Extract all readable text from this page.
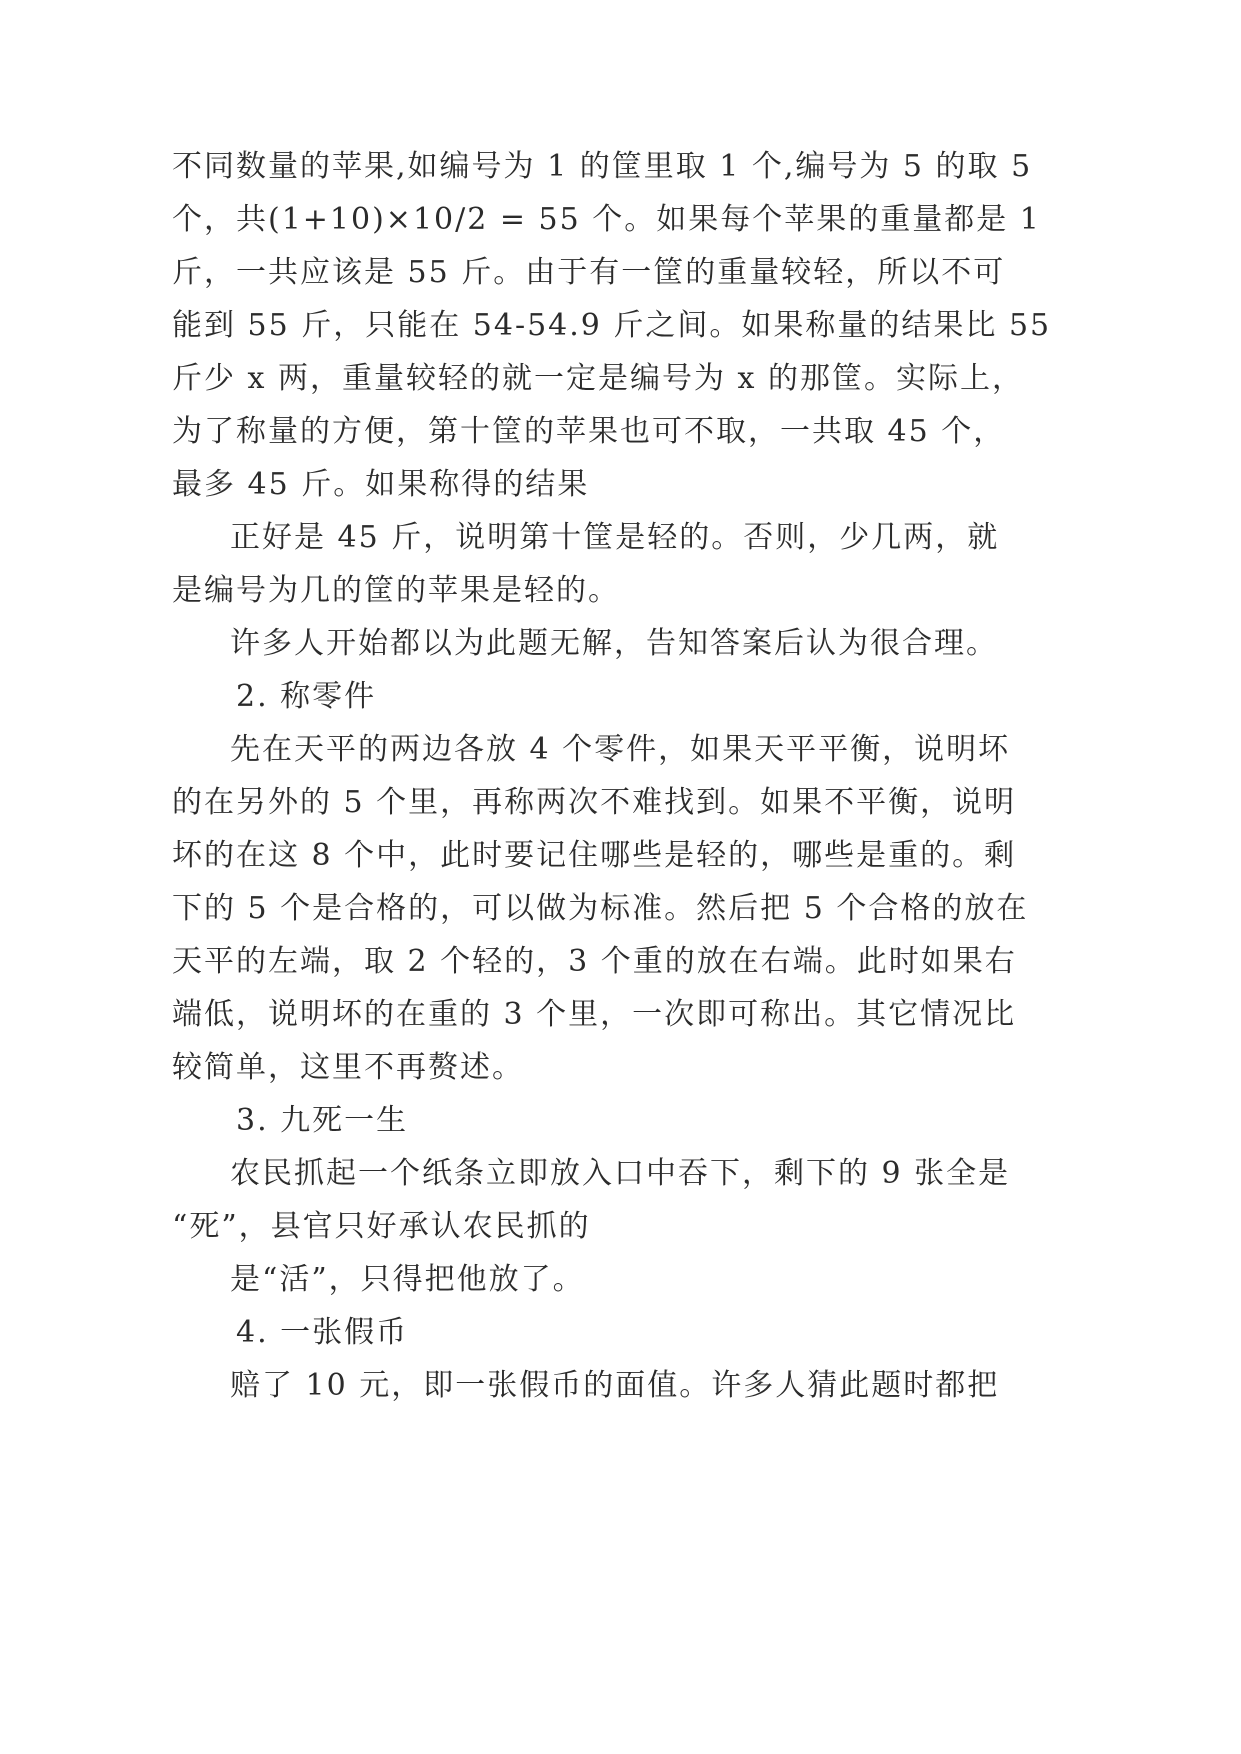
不同数量的苹果,如编号为 1 的筐里取 1 个,编号为 5 的取 5

个，共(1+10)×10/2 = 55 个。如果每个苹果的重量都是 1

斤，一共应该是 55 斤。由于有一筐的重量较轻，所以不可

能到 55 斤，只能在 54-54.9 斤之间。如果称量的结果比 55

斤少 x 两，重量较轻的就一定是编号为 x 的那筐。实际上，

为了称量的方便，第十筐的苹果也可不取，一共取 45 个，

最多 45 斤。如果称得的结果

正好是 45 斤，说明第十筐是轻的。否则，少几两，就

是编号为几的筐的苹果是轻的。

许多人开始都以为此题无解，告知答案后认为很合理。

2. 称零件

先在天平的两边各放 4 个零件，如果天平平衡，说明坏

的在另外的 5 个里，再称两次不难找到。如果不平衡，说明

坏的在这 8 个中，此时要记住哪些是轻的，哪些是重的。剩

下的 5 个是合格的，可以做为标准。然后把 5 个合格的放在

天平的左端，取 2 个轻的，3 个重的放在右端。此时如果右

端低，说明坏的在重的 3 个里，一次即可称出。其它情况比

较简单，这里不再赘述。

3. 九死一生

农民抓起一个纸条立即放入口中吞下，剩下的 9 张全是

“死”，县官只好承认农民抓的

是“活”，只得把他放了。

4. 一张假币

赔了 10 元，即一张假币的面值。许多人猜此题时都把
